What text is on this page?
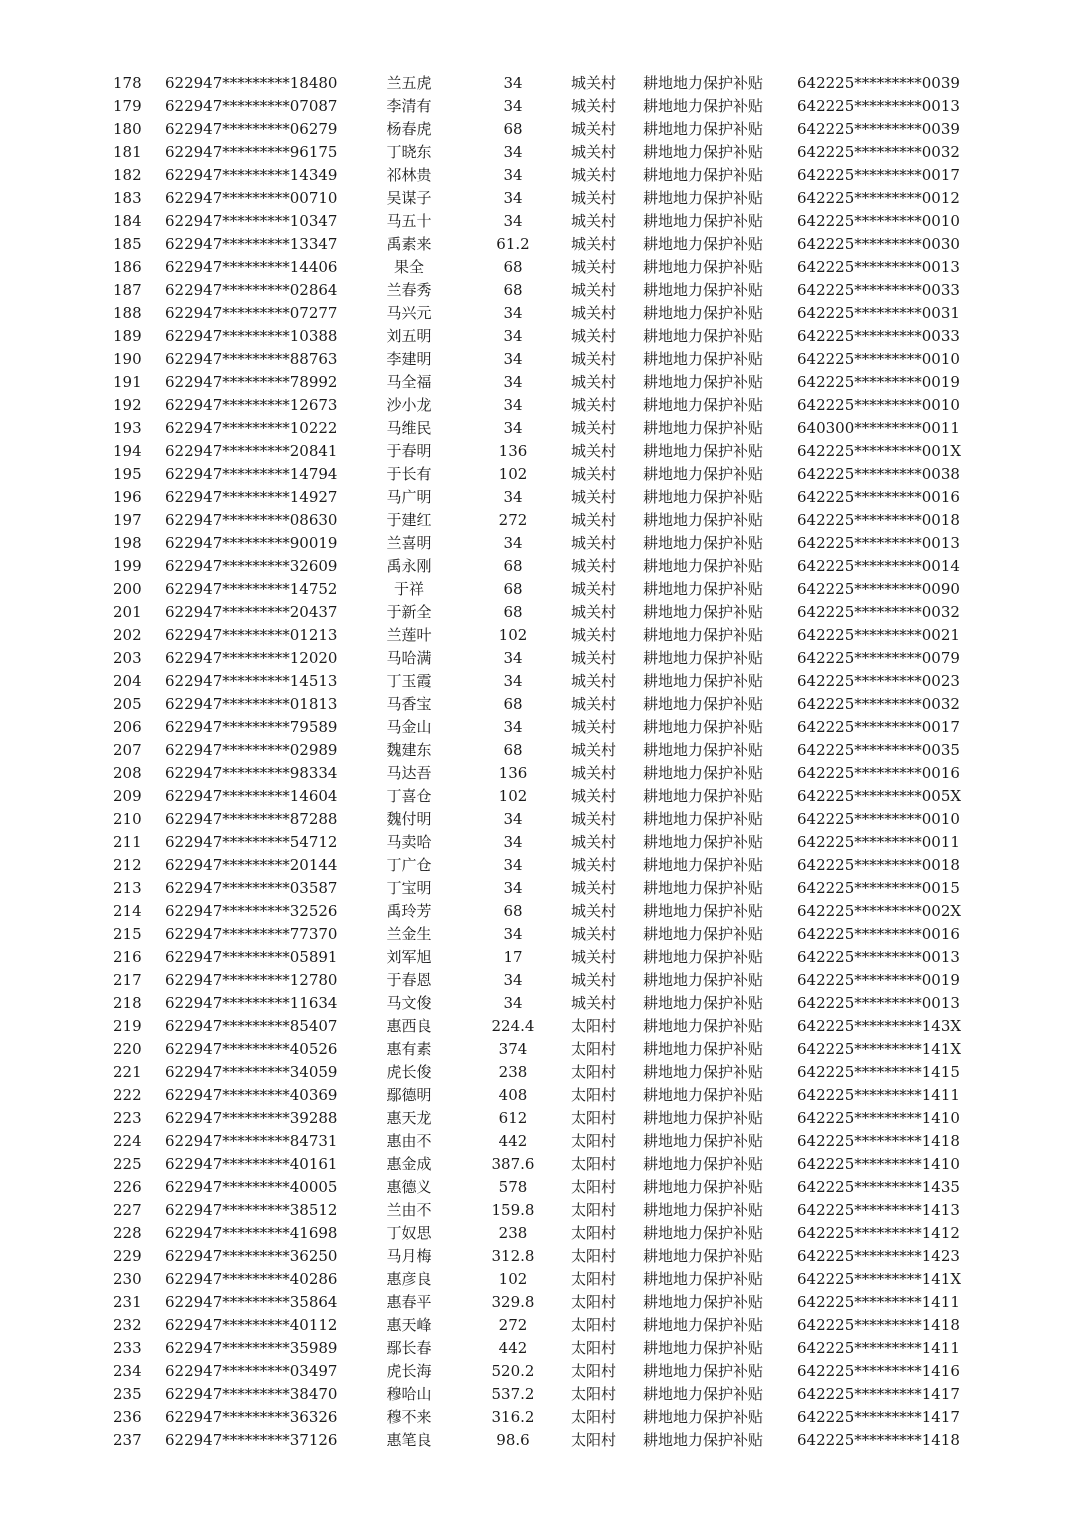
178 622947*********18480	兰五虎	34	城关村 耕地地力保护补贴 642225*********0039
179 622947*********07087	李清有	34	城关村 耕地地力保护补贴 642225*********0013
180 622947*********06279	杨春虎	68	城关村 耕地地力保护补贴 642225*********0039
181 622947*********96175	丁晓东	34	城关村 耕地地力保护补贴 642225*********0032
182 622947*********14349	祁林贵	34	城关村 耕地地力保护补贴 642225*********0017
183 622947*********00710	吴谋子	34	城关村 耕地地力保护补贴 642225*********0012
184 622947*********10347	马五十	34	城关村 耕地地力保护补贴 642225*********0010
185 622947*********13347	禹素来	61.2	城关村 耕地地力保护补贴 642225*********0030
186 622947*********14406	果全	68	城关村 耕地地力保护补贴 642225*********0013
187 622947*********02864	兰春秀	68	城关村 耕地地力保护补贴 642225*********0033
188 622947*********07277	马兴元	34	城关村 耕地地力保护补贴 642225*********0031
189 622947*********10388	刘五明	34	城关村 耕地地力保护补贴 642225*********0033
190 622947*********88763	李建明	34	城关村 耕地地力保护补贴 642225*********0010
191 622947*********78992	马全福	34	城关村 耕地地力保护补贴 642225*********0019
192 622947*********12673	沙小龙	34	城关村 耕地地力保护补贴 642225*********0010
193 622947*********10222	马维民	34	城关村 耕地地力保护补贴 640300*********0011
194 622947*********20841	于春明	136	城关村 耕地地力保护补贴 642225*********001X
195 622947*********14794	于长有	102	城关村 耕地地力保护补贴 642225*********0038
196 622947*********14927	马广明	34	城关村 耕地地力保护补贴 642225*********0016
197 622947*********08630	于建红	272	城关村 耕地地力保护补贴 642225*********0018
198 622947*********90019	兰喜明	34	城关村 耕地地力保护补贴 642225*********0013
199 622947*********32609	禹永刚	68	城关村 耕地地力保护补贴 642225*********0014
200 622947*********14752	于祥	68	城关村 耕地地力保护补贴 642225*********0090
201 622947*********20437	于新全	68	城关村 耕地地力保护补贴 642225*********0032
202 622947*********01213	兰莲叶	102	城关村 耕地地力保护补贴 642225*********0021
203 622947*********12020	马哈满	34	城关村 耕地地力保护补贴 642225*********0079
204 622947*********14513	丁玉霞	34	城关村 耕地地力保护补贴 642225*********0023
205 622947*********01813	马香宝	68	城关村 耕地地力保护补贴 642225*********0032
206 622947*********79589	马金山	34	城关村 耕地地力保护补贴 642225*********0017
207 622947*********02989	魏建东	68	城关村 耕地地力保护补贴 642225*********0035
208 622947*********98334	马达吾	136	城关村 耕地地力保护补贴 642225*********0016
209 622947*********14604	丁喜仓	102	城关村 耕地地力保护补贴 642225*********005X
210 622947*********87288	魏付明	34	城关村 耕地地力保护补贴 642225*********0010
211 622947*********54712	马卖哈	34	城关村 耕地地力保护补贴 642225*********0011
212 622947*********20144	丁广仓	34	城关村 耕地地力保护补贴 642225*********0018
213 622947*********03587	丁宝明	34	城关村 耕地地力保护补贴 642225*********0015
214 622947*********32526	禹玲芳	68	城关村 耕地地力保护补贴 642225*********002X
215 622947*********77370	兰金生	34	城关村 耕地地力保护补贴 642225*********0016
216 622947*********05891	刘军旭	17	城关村 耕地地力保护补贴 642225*********0013
217 622947*********12780	于春恩	34	城关村 耕地地力保护补贴 642225*********0019
218 622947*********11634	马文俊	34	城关村 耕地地力保护补贴 642225*********0013
219 622947*********85407	惠西良	224.4	太阳村 耕地地力保护补贴 642225*********143X
220 622947*********40526	惠有素	374	太阳村 耕地地力保护补贴 642225*********141X
221 622947*********34059	虎长俊	238	太阳村 耕地地力保护补贴 642225*********1415
222 622947*********40369	鄢德明	408	太阳村 耕地地力保护补贴 642225*********1411
223 622947*********39288	惠天龙	612	太阳村 耕地地力保护补贴 642225*********1410
224 622947*********84731	惠由不	442	太阳村 耕地地力保护补贴 642225*********1418
225 622947*********40161	惠金成	387.6	太阳村 耕地地力保护补贴 642225*********1410
226 622947*********40005	惠德义	578	太阳村 耕地地力保护补贴 642225*********1435
227 622947*********38512	兰由不	159.8	太阳村 耕地地力保护补贴 642225*********1413
228 622947*********41698	丁奴思	238	太阳村 耕地地力保护补贴 642225*********1412
229 622947*********36250	马月梅	312.8	太阳村 耕地地力保护补贴 642225*********1423
230 622947*********40286	惠彦良	102	太阳村 耕地地力保护补贴 642225*********141X
231 622947*********35864	惠春平	329.8	太阳村 耕地地力保护补贴 642225*********1411
232 622947*********40112	惠天峰	272	太阳村 耕地地力保护补贴 642225*********1418
233 622947*********35989	鄢长春	442	太阳村 耕地地力保护补贴 642225*********1411
234 622947*********03497	虎长海	520.2	太阳村 耕地地力保护补贴 642225*********1416
235 622947*********38470	穆哈山	537.2	太阳村 耕地地力保护补贴 642225*********1417
236 622947*********36326	穆不来	316.2	太阳村 耕地地力保护补贴 642225*********1417
237 622947*********37126	惠笔良	98.6	太阳村 耕地地力保护补贴 642225*********1418
